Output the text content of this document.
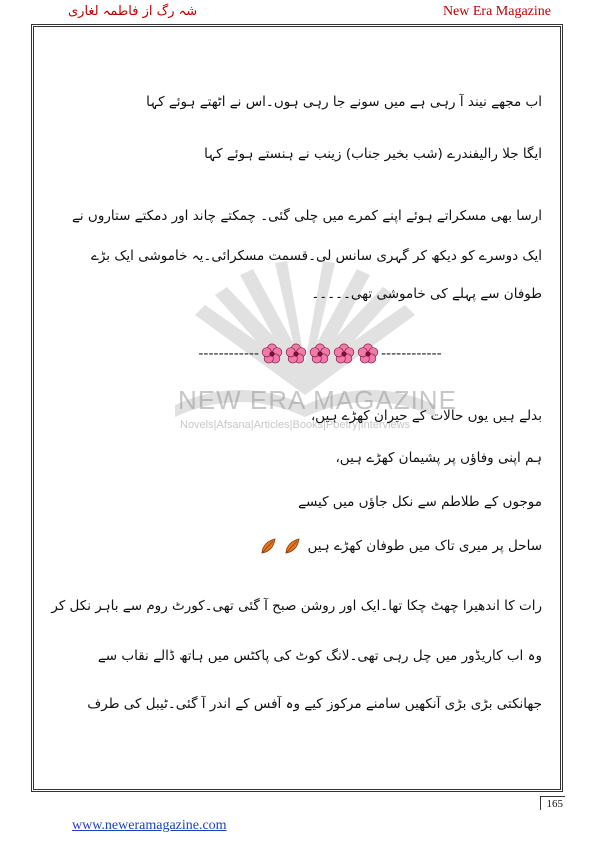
شہ رگ از فاطمہ لغاری	New Era Magazine
NEW ERA MAGAZINE
Novels|Afsana|Articles|Books|Poetry|Interviews
اب مجھے نیند آ رہی ہے میں سونے جا رہی ہوں۔اس نے اٹھتے ہوئے کہا
ایگا جلا رالیفندرے (شب بخیر جناب) زینب نے ہنستے ہوئے کہا
ارسا بھی مسکراتے ہوئے اپنے کمرے میں چلی گئی۔ چمکتے چاند اور دمکتے ستاروں نے
ایک دوسرے کو دیکھ کر گہری سانس لی۔قسمت مسکرائی۔یہ خاموشی ایک بڑے
طوفان سے پہلے کی خاموشی تھی۔۔۔۔۔
بدلے ہیں یوں حالات کے حیران کھڑے ہیں،
ہم اپنی وفاؤں پر پشیمان کھڑے ہیں،
موجوں کے طلاطم سے نکل جاؤں میں کیسے
ساحل پر میری تاک میں طوفان کھڑے ہیں
رات کا اندھیرا چھٹ چکا تھا۔ایک اور روشن صبح آ گئی تھی۔کورٹ روم سے باہر نکل کر
وہ اب کاریڈور میں چل رہی تھی۔لانگ کوٹ کی پاکٹس میں ہاتھ ڈالے نقاب سے
جھانکتی بڑی بڑی آنکھیں سامنے مرکوز کیے وہ آفس کے اندر آ گئی۔ٹیبل کی طرف
------------	------------
165
www.neweramagazine.com
